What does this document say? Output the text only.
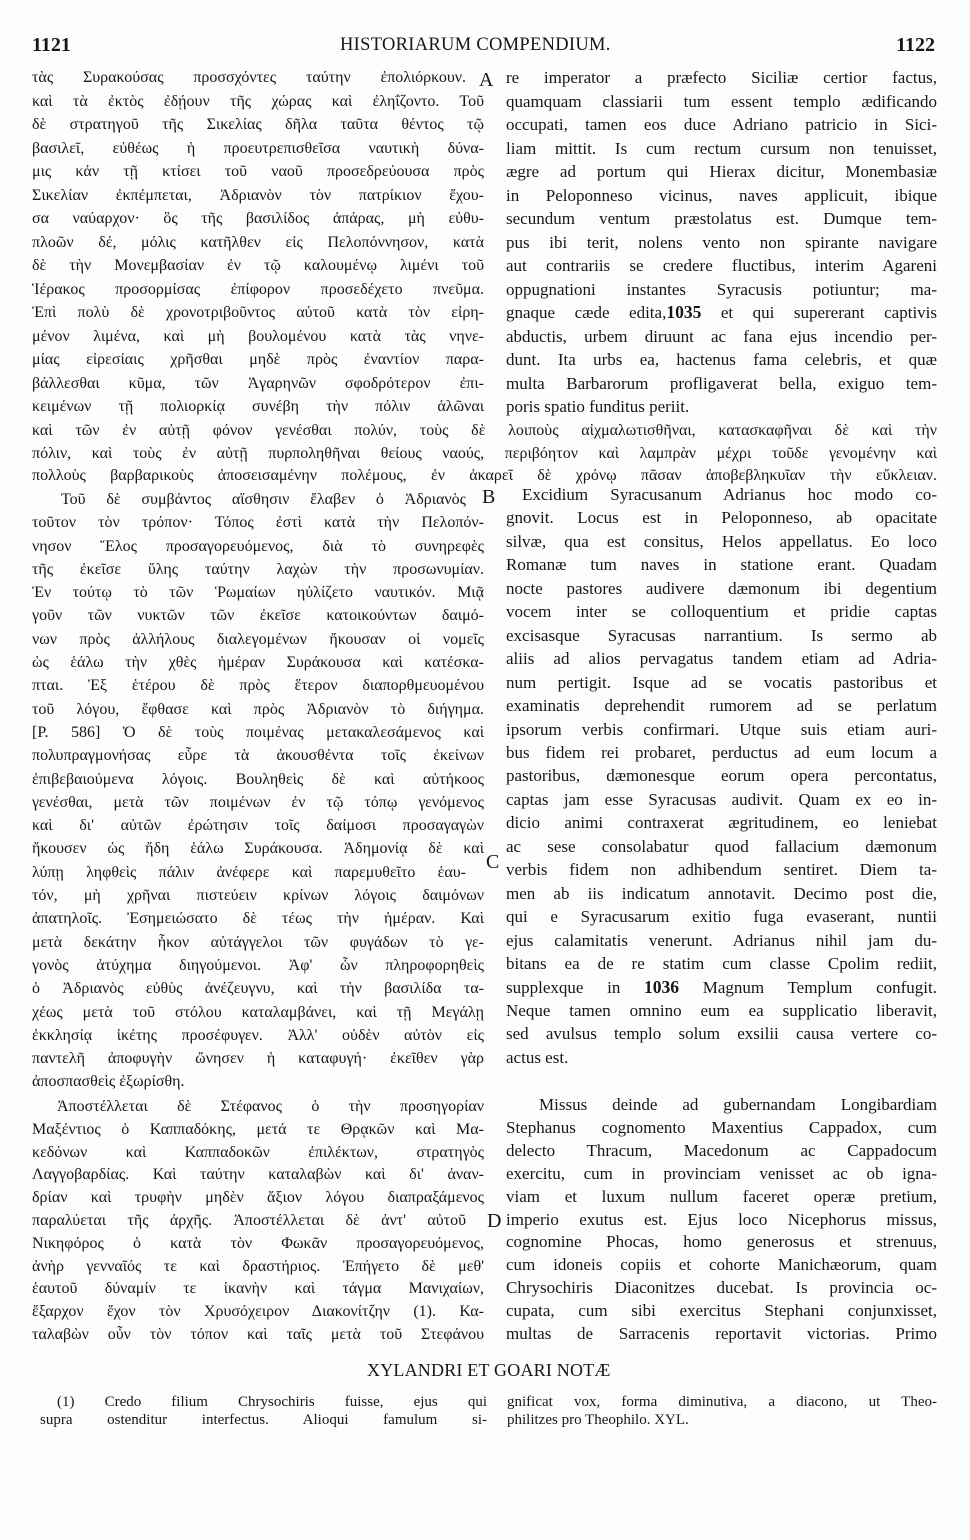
1121	HISTORIARUM COMPENDIUM.	1122
A
B
C
D
τὰς Συρακούσας προσσχόντες ταύτην ἐπολιόρκουν.
καὶ τὰ ἐκτὸς ἐδῄουν τῆς χώρας καὶ ἐληΐζοντο. Τοῦ
δὲ στρατηγοῦ τῆς Σικελίας δῆλα ταῦτα θέντος τῷ
βασιλεῖ, εὐθέως ἡ προευτρεπισθεῖσα ναυτικὴ δύνα-
μις κἀν τῇ κτίσει τοῦ ναοῦ προσεδρεύουσα πρὸς
Σικελίαν ἐκπέμπεται, Ἀδριανὸν τὸν πατρίκιον ἔχου-
σα ναύαρχον· ὃς τῆς βασιλίδος ἀπάρας, μὴ εὐθυ-
πλοῶν δέ, μόλις κατῆλθεν εἰς Πελοπόννησον, κατὰ
δὲ τὴν Μονεμβασίαν ἐν τῷ καλουμένῳ λιμένι τοῦ
Ἱέρακος προσορμίσας ἐπίφορον προσεδέχετο πνεῦμα.
Ἐπὶ πολὺ δὲ χρονοτριβοῦντος αὐτοῦ κατὰ τὸν εἰρη-
μένον λιμένα, καὶ μὴ βουλομένου κατὰ τὰς νηνε-
μίας εἰρεσίαις χρῆσθαι μηδὲ πρὸς ἐναντίον παρα-
βάλλεσθαι κῦμα, τῶν Ἀγαρηνῶν σφοδρότερον ἐπι-
κειμένων τῇ πολιορκίᾳ συνέβη τὴν πόλιν ἁλῶναι
re imperator a præfecto Siciliæ certior factus,
quamquam classiarii tum essent templo ædificando
occupati, tamen eos duce Adriano patricio in Sici-
liam mittit. Is cum rectum cursum non tenuisset,
ægre ad portum qui Hierax dicitur, Monembasiæ
in Peloponneso vicinus, naves applicuit, ibique
secundum ventum præstolatus est. Dumque tem-
pus ibi terit, nolens vento non spirante navigare
aut contrariis se credere fluctibus, interim Agareni
oppugnationi instantes Syracusis potiuntur; ma-
gnaque cæde edita,1035 et qui supererant captivis
abductis, urbem diruunt ac fana ejus incendio per-
dunt. Ita urbs ea, hactenus fama celebris, et quæ
multa Barbarorum profligaverat bella, exiguo tem-
poris spatio funditus periit.
καὶ τῶν ἐν αὐτῇ φόνον γενέσθαι πολύν, τοὺς δὲ λοιποὺς αἰχμαλωτισθῆναι, κατασκαφῆναι δὲ καὶ τὴν
πόλιν, καὶ τοὺς ἐν αὐτῇ πυρποληθῆναι θείους ναούς, περιβόητον καὶ λαμπρὰν μέχρι τοῦδε γενομένην καὶ
πολλοὺς βαρβαρικοὺς ἀποσεισαμένην πολέμους, ἐν ἀκαρεῖ δὲ χρόνῳ πᾶσαν ἀποβεβληκυῖαν τὴν εὔκλειαν.
Τοῦ δὲ συμβάντος αἴσθησιν ἔλαβεν ὁ Ἀδριανὸς
τοῦτον τὸν τρόπον· Τόπος ἐστὶ κατὰ τὴν Πελοπόν-
νησον Ἕλος προσαγορευόμενος, διὰ τὸ συνηρεφὲς
τῆς ἐκεῖσε ὕλης ταύτην λαχὼν τὴν προσωνυμίαν.
Ἐν τούτῳ τὸ τῶν Ῥωμαίων ηὐλίζετο ναυτικόν. Μιᾷ
γοῦν τῶν νυκτῶν τῶν ἐκεῖσε κατοικούντων δαιμό-
νων πρὸς ἀλλήλους διαλεγομένων ἤκουσαν οἱ νομεῖς
ὡς ἑάλω τὴν χθὲς ἡμέραν Συράκουσα καὶ κατέσκα-
πται. Ἐξ ἑτέρου δὲ πρὸς ἕτερον διαπορθμευομένου
τοῦ λόγου, ἔφθασε καὶ πρὸς Ἀδριανὸν τὸ διήγημα.
[P. 586] Ὁ δὲ τοὺς ποιμένας μετακαλεσάμενος καὶ
πολυπραγμονήσας εὗρε τὰ ἀκουσθέντα τοῖς ἐκείνων
ἐπιβεβαιούμενα λόγοις. Βουληθεὶς δὲ καὶ αὐτήκοος
γενέσθαι, μετὰ τῶν ποιμένων ἐν τῷ τόπῳ γενόμενος
καὶ δι' αὐτῶν ἐρώτησιν τοῖς δαίμοσι προσαγαγὼν
ἤκουσεν ὡς ἤδη ἑάλω Συράκουσα. Ἀδημονίᾳ δὲ καὶ
λύπῃ ληφθεὶς πάλιν ἀνέφερε καὶ παρεμυθεῖτο ἑαυ-
τόν, μὴ χρῆναι πιστεύειν κρίνων λόγοις δαιμόνων
ἀπατηλοῖς. Ἐσημειώσατο δὲ τέως τὴν ἡμέραν. Καὶ
μετὰ δεκάτην ἧκον αὐτάγγελοι τῶν φυγάδων τὸ γε-
γονὸς ἀτύχημα διηγούμενοι. Ἀφ' ὧν πληροφορηθεὶς
ὁ Ἀδριανὸς εὐθὺς ἀνέζευγνυ, καὶ τὴν βασιλίδα τα-
χέως μετὰ τοῦ στόλου καταλαμβάνει, καὶ τῇ Μεγάλῃ
ἐκκλησίᾳ ἱκέτης προσέφυγεν. Ἀλλ' οὐδὲν αὐτὸν εἰς
παντελῆ ἀποφυγὴν ὤνησεν ἡ καταφυγή· ἐκεῖθεν γὰρ
ἀποσπασθεὶς ἐξωρίσθη.
Excidium Syracusanum Adrianus hoc modo co-
gnovit. Locus est in Peloponneso, ab opacitate
silvæ, qua est consitus, Helos appellatus. Eo loco
Romanæ tum naves in statione erant. Quadam
nocte pastores audivere dæmonum ibi degentium
vocem inter se colloquentium et pridie captas
excisasque Syracusas narrantium. Is sermo ab
aliis ad alios pervagatus tandem etiam ad Adria-
num pertigit. Isque ad se vocatis pastoribus et
examinatis deprehendit rumorem ad se perlatum
ipsorum verbis confirmari. Utque suis etiam auri-
bus fidem rei probaret, perductus ad eum locum a
pastoribus, dæmonesque eorum opera percontatus,
captas jam esse Syracusas audivit. Quam ex eo in-
dicio animi contraxerat ægritudinem, eo leniebat
ac sese consolabatur quod fallacium dæmonum
verbis fidem non adhibendum sentiret. Diem ta-
men ab iis indicatum annotavit. Decimo post die,
qui e Syracusarum exitio fuga evaserant, nuntii
ejus calamitatis venerunt. Adrianus nihil jam du-
bitans ea de re statim cum classe Cpolim rediit,
supplexque in 1036 Magnum Templum confugit.
Neque tamen omnino eum ea supplicatio liberavit,
sed avulsus templo solum exsilii causa vertere co-
actus est.
Ἀποστέλλεται δὲ Στέφανος ὁ τὴν προσηγορίαν
Μαξέντιος ὁ Καππαδόκης, μετά τε Θρᾳκῶν καὶ Μα-
κεδόνων καὶ Καππαδοκῶν ἐπιλέκτων, στρατηγὸς
Λαγγοβαρδίας. Καὶ ταύτην καταλαβὼν καὶ δι' ἀναν-
δρίαν καὶ τρυφὴν μηδὲν ἄξιον λόγου διαπραξάμενος
παραλύεται τῆς ἀρχῆς. Ἀποστέλλεται δὲ ἀντ' αὐτοῦ
Νικηφόρος ὁ κατὰ τὸν Φωκᾶν προσαγορευόμενος,
ἀνὴρ γενναῖός τε καὶ δραστήριος. Ἐπήγετο δὲ μεθ'
ἑαυτοῦ δύναμίν τε ἱκανὴν καὶ τάγμα Μανιχαίων,
ἔξαρχον ἔχον τὸν Χρυσόχειρον Διακονίτζην (1). Κα-
ταλαβὼν οὖν τὸν τόπον καὶ ταῖς μετὰ τοῦ Στεφάνου
Missus deinde ad gubernandam Longibardiam
Stephanus cognomento Maxentius Cappadox, cum
delecto Thracum, Macedonum ac Cappadocum
exercitu, cum in provinciam venisset ac ob igna-
viam et luxum nullum faceret operæ pretium,
imperio exutus est. Ejus loco Nicephorus missus,
cognomine Phocas, homo generosus et strenuus,
cum idoneis copiis et cohorte Manichæorum, quam
Chrysochiris Diaconitzes ducebat. Is provincia oc-
cupata, cum sibi exercitus Stephani conjunxisset,
multas de Sarracenis reportavit victorias. Primo
XYLANDRI ET GOARI NOTÆ
(1) Credo filium Chrysochiris fuisse, ejus qui
supra ostenditur interfectus. Alioqui famulum si-
gnificat vox, forma diminutiva, a diacono, ut Theo-
philitzes pro Theophilo. XYL.
